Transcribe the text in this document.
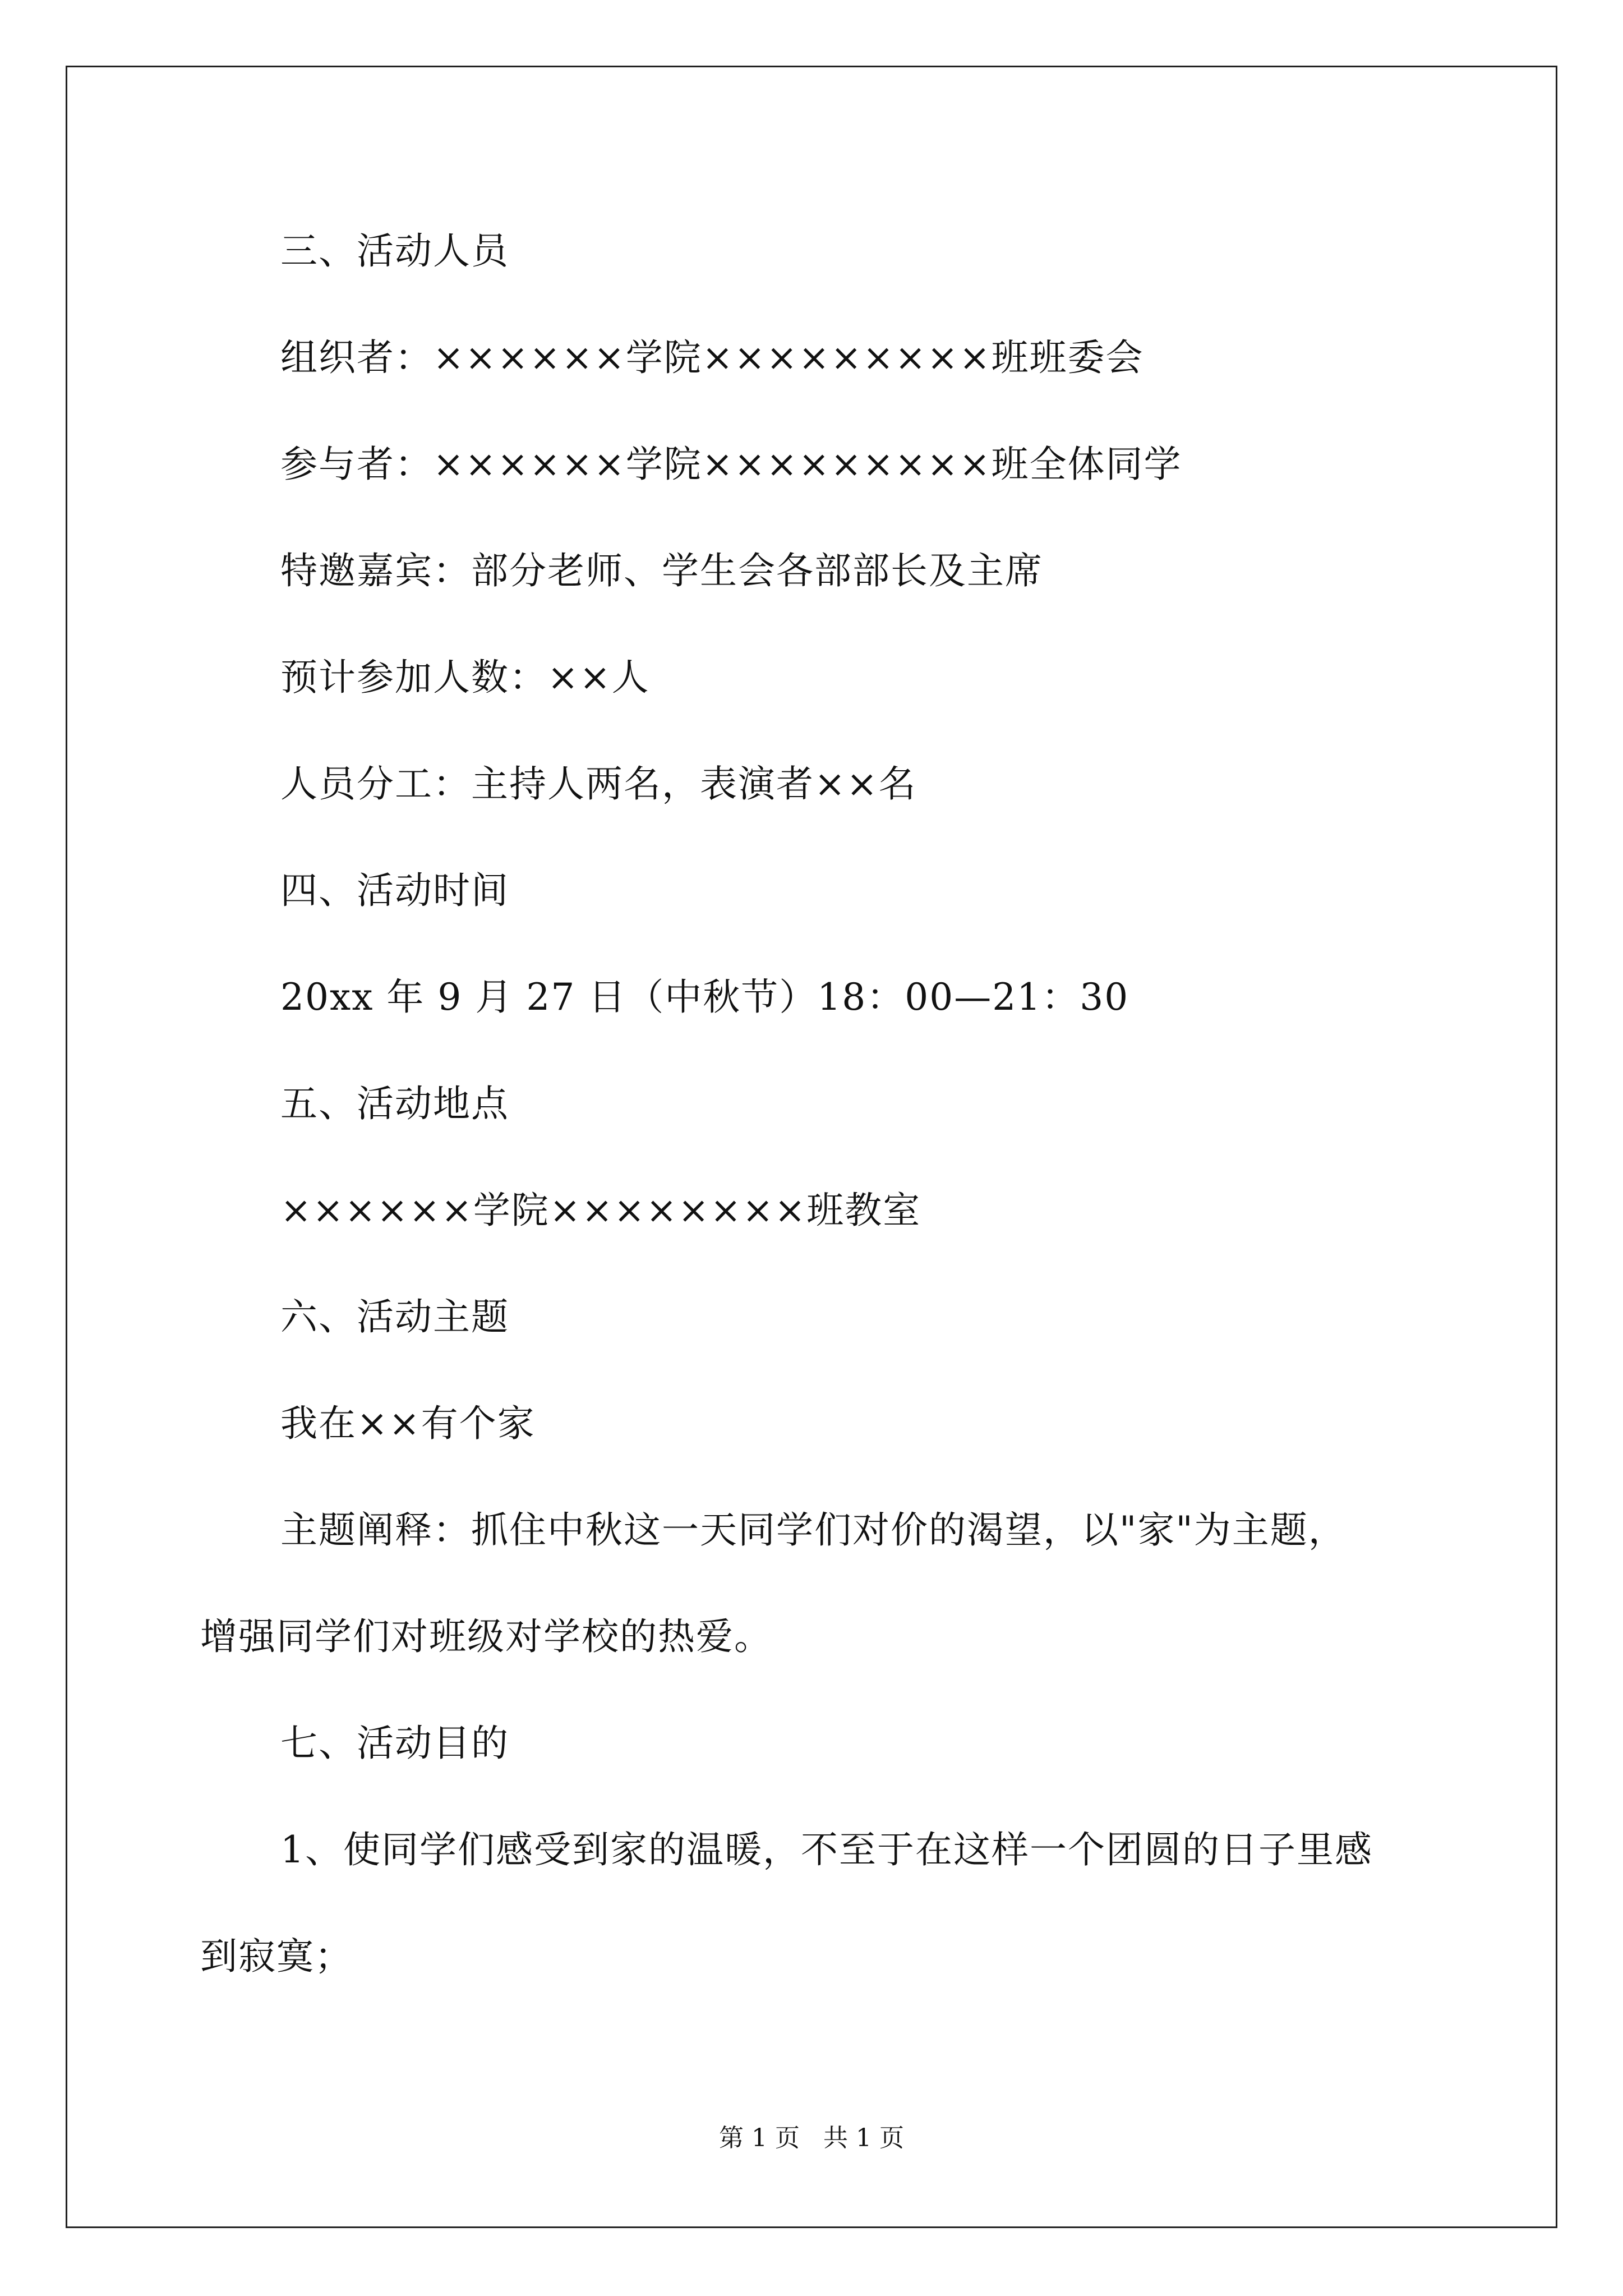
三、活动人员
组织者：××××××学院×××××××××班班委会
参与者：××××××学院×××××××××班全体同学
特邀嘉宾：部分老师、学生会各部部长及主席
预计参加人数：××人
人员分工：主持人两名，表演者××名
四、活动时间
20xx 年 9 月 27 日（中秋节）18：00—21：30
五、活动地点
××××××学院××××××××班教室
六、活动主题
我在××有个家
主题阐释：抓住中秋这一天同学们对价的渴望，以"家"为主题，
增强同学们对班级对学校的热爱。
七、活动目的
1、使同学们感受到家的温暖，不至于在这样一个团圆的日子里感
到寂寞；
第 1 页   共 1 页
